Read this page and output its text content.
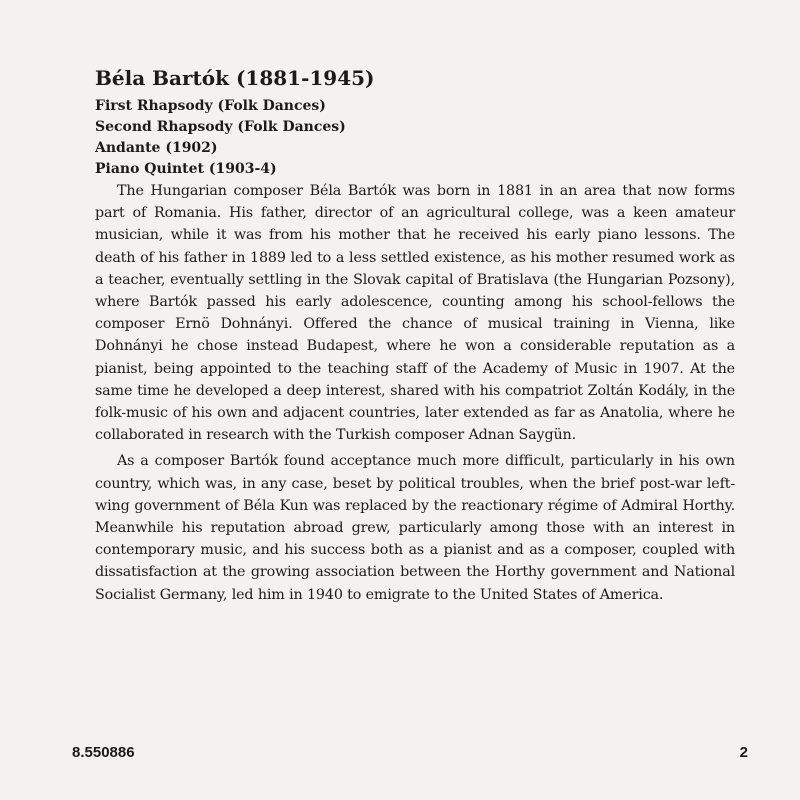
Béla Bartók (1881-1945)
First Rhapsody (Folk Dances)
Second Rhapsody (Folk Dances)
Andante (1902)
Piano Quintet (1903-4)

The Hungarian composer Béla Bartók was born in 1881 in an area that now forms part of Romania. His father, director of an agricultural college, was a keen amateur musician, while it was from his mother that he received his early piano lessons. The death of his father in 1889 led to a less settled existence, as his mother resumed work as a teacher, eventually settling in the Slovak capital of Bratislava (the Hungarian Pozsony), where Bartók passed his early adolescence, counting among his school-fellows the composer Ernö Dohnányi. Offered the chance of musical training in Vienna, like Dohnányi he chose instead Budapest, where he won a considerable reputation as a pianist, being appointed to the teaching staff of the Academy of Music in 1907. At the same time he developed a deep interest, shared with his compatriot Zoltán Kodály, in the folk-music of his own and adjacent countries, later extended as far as Anatolia, where he collaborated in research with the Turkish composer Adnan Saygün.

As a composer Bartók found acceptance much more difficult, particularly in his own country, which was, in any case, beset by political troubles, when the brief post-war left-wing government of Béla Kun was replaced by the reactionary régime of Admiral Horthy. Meanwhile his reputation abroad grew, particularly among those with an interest in contemporary music, and his success both as a pianist and as a composer, coupled with dissatisfaction at the growing association between the Horthy government and National Socialist Germany, led him in 1940 to emigrate to the United States of America.

8.550886	2
